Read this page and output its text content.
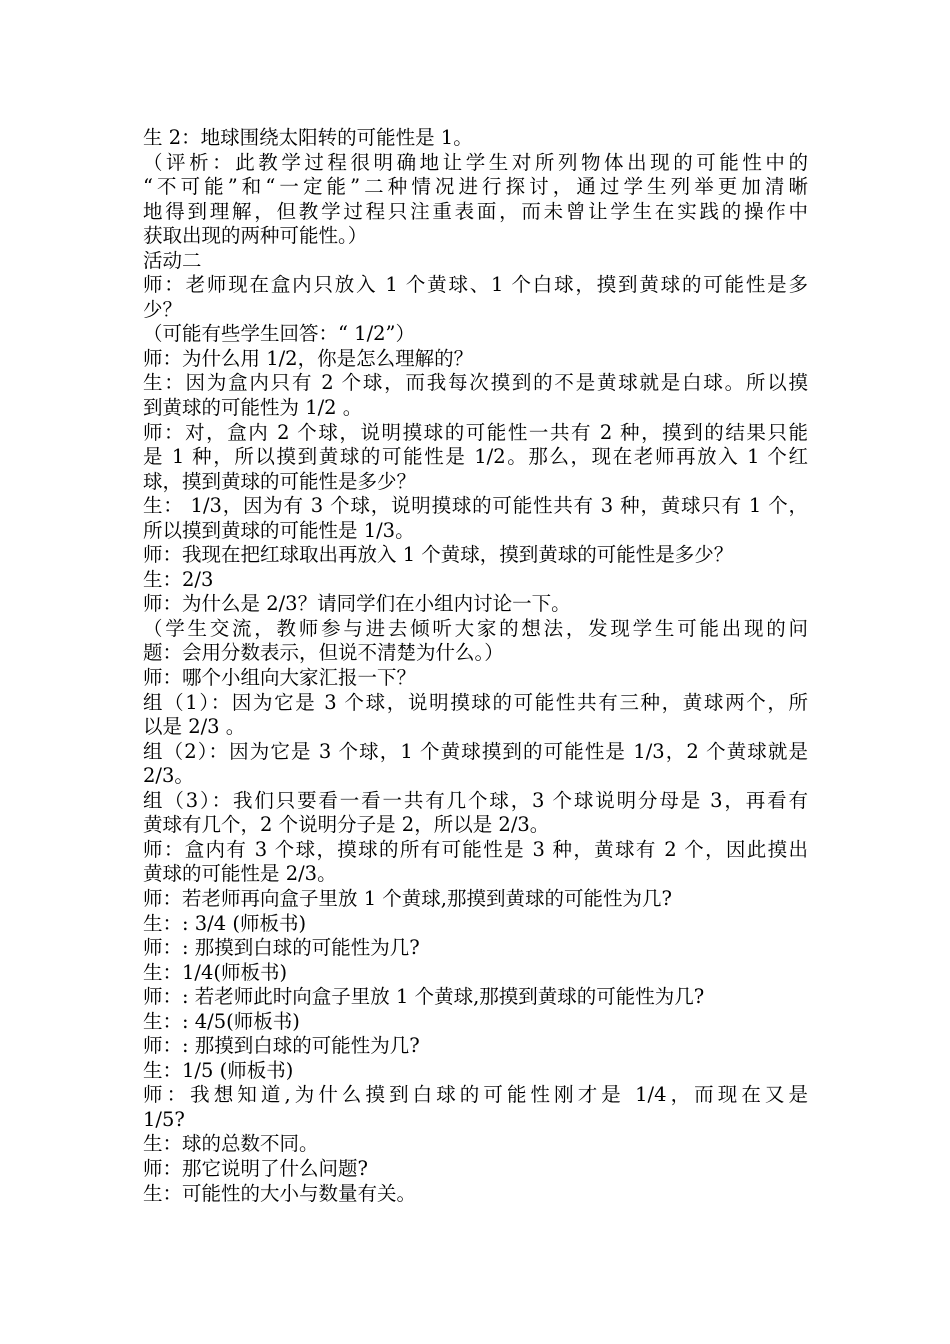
生 2：地球围绕太阳转的可能性是 1。
（评析：此教学过程很明确地让学生对所列物体出现的可能性中的
“不可能”和“一定能”二种情况进行探讨，通过学生列举更加清晰
地得到理解，但教学过程只注重表面，而未曾让学生在实践的操作中
获取出现的两种可能性。）
活动二
师：老师现在盒内只放入 1 个黄球、1 个白球，摸到黄球的可能性是多
少？
（可能有些学生回答：“ 1/2”）
师：为什么用 1/2，你是怎么理解的？
生：因为盒内只有 2 个球，而我每次摸到的不是黄球就是白球。所以摸
到黄球的可能性为 1/2 。
师：对，盒内 2 个球，说明摸球的可能性一共有 2 种，摸到的结果只能
是 1 种，所以摸到黄球的可能性是 1/2。那么，现在老师再放入 1 个红
球，摸到黄球的可能性是多少？
生： 1/3，因为有 3 个球，说明摸球的可能性共有 3 种，黄球只有 1 个，
所以摸到黄球的可能性是 1/3。
师：我现在把红球取出再放入 1 个黄球，摸到黄球的可能性是多少？
生：2/3
师：为什么是 2/3？请同学们在小组内讨论一下。
（学生交流，教师参与进去倾听大家的想法，发现学生可能出现的问
题：会用分数表示，但说不清楚为什么。）
师：哪个小组向大家汇报一下？
组（1）：因为它是 3 个球，说明摸球的可能性共有三种，黄球两个，所
以是 2/3 。
组（2）：因为它是 3 个球，1 个黄球摸到的可能性是 1/3，2 个黄球就是
2/3。
组（3）：我们只要看一看一共有几个球，3 个球说明分母是 3，再看有
黄球有几个，2 个说明分子是 2，所以是 2/3。
师：盒内有 3 个球，摸球的所有可能性是 3 种，黄球有 2 个，因此摸出
黄球的可能性是 2/3。
师：若老师再向盒子里放 1 个黄球,那摸到黄球的可能性为几?
生：: 3/4 (师板书)
师：: 那摸到白球的可能性为几?
生：1/4(师板书)
师：: 若老师此时向盒子里放 1 个黄球,那摸到黄球的可能性为几?
生：: 4/5(师板书)
师：: 那摸到白球的可能性为几?
生：1/5 (师板书)
师：我想知道,为什么摸到白球的可能性刚才是 1/4，而现在又是
1/5?
生：球的总数不同。
师：那它说明了什么问题?
生：可能性的大小与数量有关。
